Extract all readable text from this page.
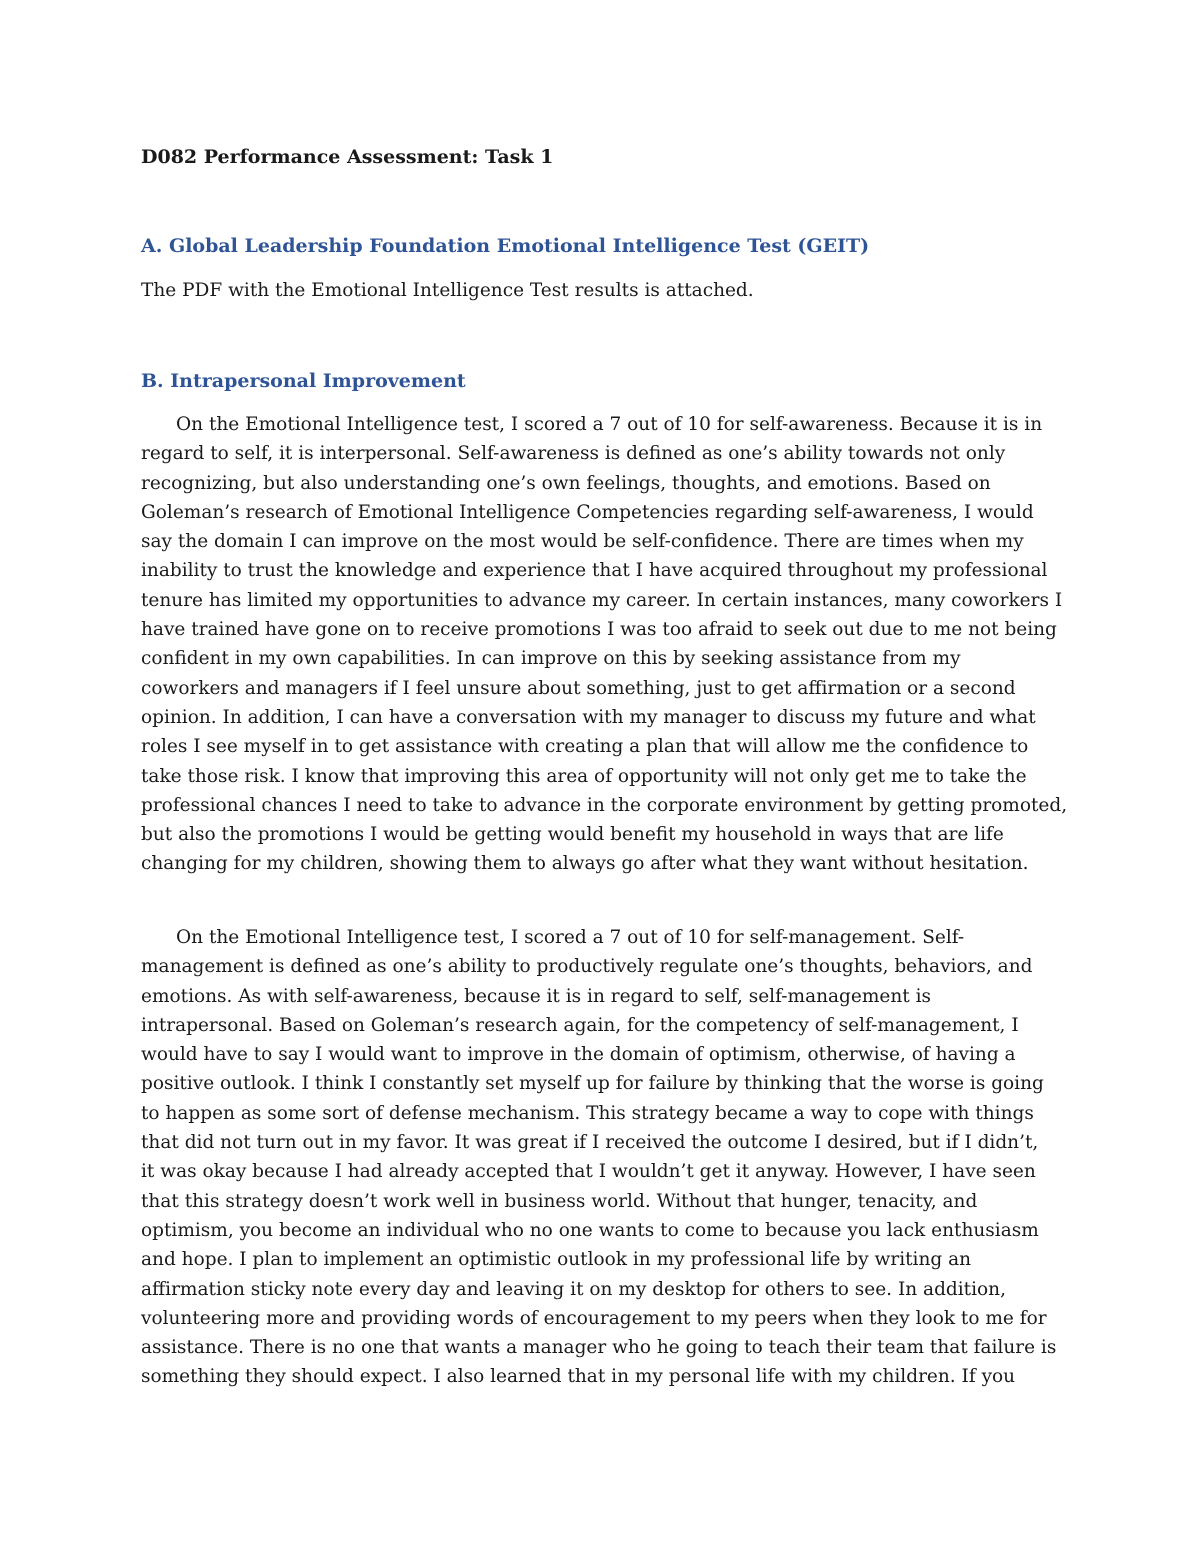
D082 Performance Assessment: Task 1
A. Global Leadership Foundation Emotional Intelligence Test (GEIT)
The PDF with the Emotional Intelligence Test results is attached.
B. Intrapersonal Improvement
On the Emotional Intelligence test, I scored a 7 out of 10 for self-awareness. Because it is in
regard to self, it is interpersonal. Self-awareness is defined as one’s ability towards not only
recognizing, but also understanding one’s own feelings, thoughts, and emotions. Based on
Goleman’s research of Emotional Intelligence Competencies regarding self-awareness, I would
say the domain I can improve on the most would be self-confidence. There are times when my
inability to trust the knowledge and experience that I have acquired throughout my professional
tenure has limited my opportunities to advance my career. In certain instances, many coworkers I
have trained have gone on to receive promotions I was too afraid to seek out due to me not being
confident in my own capabilities. In can improve on this by seeking assistance from my
coworkers and managers if I feel unsure about something, just to get affirmation or a second
opinion. In addition, I can have a conversation with my manager to discuss my future and what
roles I see myself in to get assistance with creating a plan that will allow me the confidence to
take those risk. I know that improving this area of opportunity will not only get me to take the
professional chances I need to take to advance in the corporate environment by getting promoted,
but also the promotions I would be getting would benefit my household in ways that are life
changing for my children, showing them to always go after what they want without hesitation.
On the Emotional Intelligence test, I scored a 7 out of 10 for self-management. Self-
management is defined as one’s ability to productively regulate one’s thoughts, behaviors, and
emotions. As with self-awareness, because it is in regard to self, self-management is
intrapersonal. Based on Goleman’s research again, for the competency of self-management, I
would have to say I would want to improve in the domain of optimism, otherwise, of having a
positive outlook. I think I constantly set myself up for failure by thinking that the worse is going
to happen as some sort of defense mechanism. This strategy became a way to cope with things
that did not turn out in my favor. It was great if I received the outcome I desired, but if I didn’t,
it was okay because I had already accepted that I wouldn’t get it anyway. However, I have seen
that this strategy doesn’t work well in business world. Without that hunger, tenacity, and
optimism, you become an individual who no one wants to come to because you lack enthusiasm
and hope. I plan to implement an optimistic outlook in my professional life by writing an
affirmation sticky note every day and leaving it on my desktop for others to see. In addition,
volunteering more and providing words of encouragement to my peers when they look to me for
assistance. There is no one that wants a manager who he going to teach their team that failure is
something they should expect. I also learned that in my personal life with my children. If you
